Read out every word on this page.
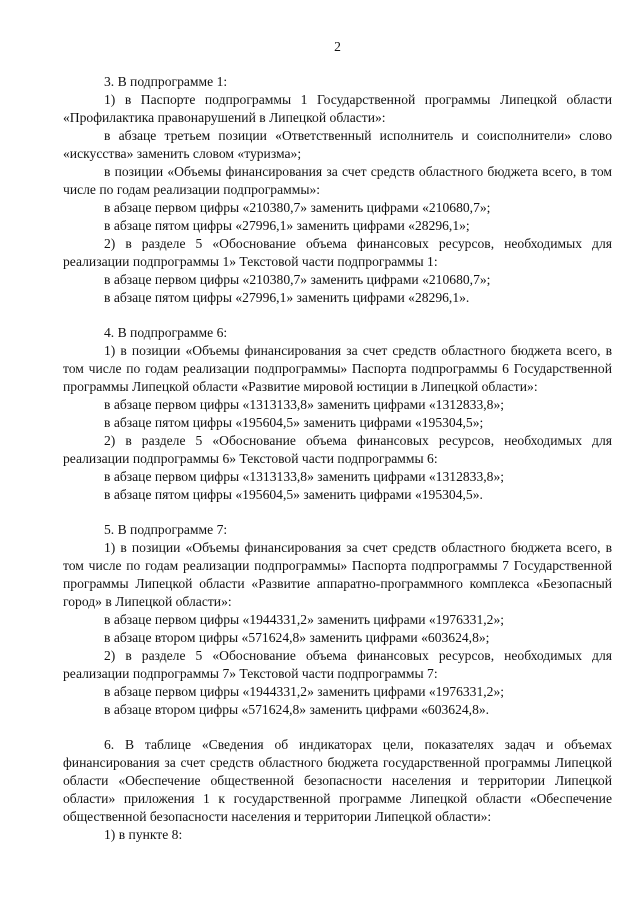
2

3. В подпрограмме 1:

1) в Паспорте подпрограммы 1 Государственной программы Липецкой области «Профилактика правонарушений в Липецкой области»:

в абзаце третьем позиции «Ответственный исполнитель и соисполнители» слово «искусства» заменить словом «туризма»;

в позиции «Объемы финансирования за счет средств областного бюджета всего, в том числе по годам реализации подпрограммы»:

в абзаце первом цифры «210380,7» заменить цифрами «210680,7»;

в абзаце пятом цифры «27996,1» заменить цифрами «28296,1»;

2) в разделе 5 «Обоснование объема финансовых ресурсов, необходимых для реализации подпрограммы 1» Текстовой части подпрограммы 1:

в абзаце первом цифры «210380,7» заменить цифрами «210680,7»;

в абзаце пятом цифры «27996,1» заменить цифрами «28296,1».

4. В подпрограмме 6:

1) в позиции «Объемы финансирования за счет средств областного бюджета всего, в том числе по годам реализации подпрограммы» Паспорта подпрограммы 6 Государственной программы Липецкой области «Развитие мировой юстиции в Липецкой области»:

в абзаце первом цифры «1313133,8» заменить цифрами «1312833,8»;

в абзаце пятом цифры «195604,5» заменить цифрами «195304,5»;

2) в разделе 5 «Обоснование объема финансовых ресурсов, необходимых для реализации подпрограммы 6» Текстовой части подпрограммы 6:

в абзаце первом цифры «1313133,8» заменить цифрами «1312833,8»;

в абзаце пятом цифры «195604,5» заменить цифрами «195304,5».

5. В подпрограмме 7:

1) в позиции «Объемы финансирования за счет средств областного бюджета всего, в том числе по годам реализации подпрограммы» Паспорта подпрограммы 7 Государственной программы Липецкой области «Развитие аппаратно-программного комплекса «Безопасный город» в Липецкой области»:

в абзаце первом цифры «1944331,2» заменить цифрами «1976331,2»;

в абзаце втором цифры «571624,8» заменить цифрами «603624,8»;

2) в разделе 5 «Обоснование объема финансовых ресурсов, необходимых для реализации подпрограммы 7» Текстовой части подпрограммы 7:

в абзаце первом цифры «1944331,2» заменить цифрами «1976331,2»;

в абзаце втором цифры «571624,8» заменить цифрами «603624,8».

6. В таблице «Сведения об индикаторах цели, показателях задач и объемах финансирования за счет средств областного бюджета государственной программы Липецкой области «Обеспечение общественной безопасности населения и территории Липецкой области» приложения 1 к государственной программе Липецкой области «Обеспечение общественной безопасности населения и территории Липецкой области»:

1) в пункте 8:
